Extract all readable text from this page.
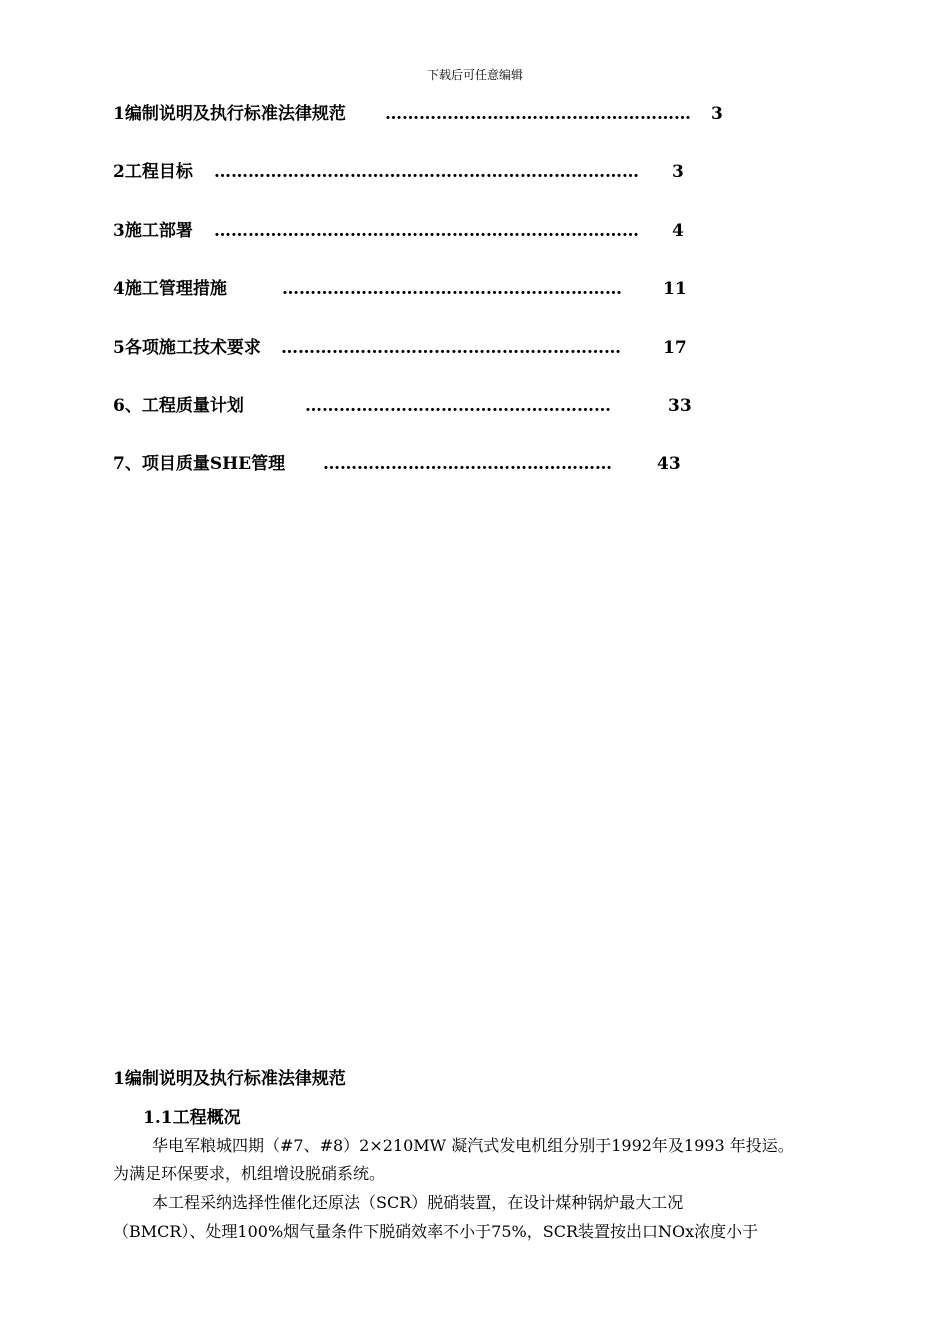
下载后可任意编辑
1编制说明及执行标准法律规范 ……………………………………………… 3
2工程目标 ………………………………………………………………… 3
3施工部署 ………………………………………………………………… 4
4施工管理措施	…………………………………………………… 11
5各项施工技术要求 …………………………………………………… 17
6、工程质量计划	………………………………………………	33
7、项目质量SHE管理 ……………………………………………	43
1编制说明及执行标准法律规范
1.1工程概况
华电军粮城四期（#7、#8）2×210MW 凝汽式发电机组分别于1992年及1993 年投运。
为满足环保要求，机组增设脱硝系统。
本工程采纳选择性催化还原法（SCR）脱硝装置，在设计煤种锅炉最大工况
（BMCR）、处理100%烟气量条件下脱硝效率不小于75%，SCR装置按出口NOx浓度小于
